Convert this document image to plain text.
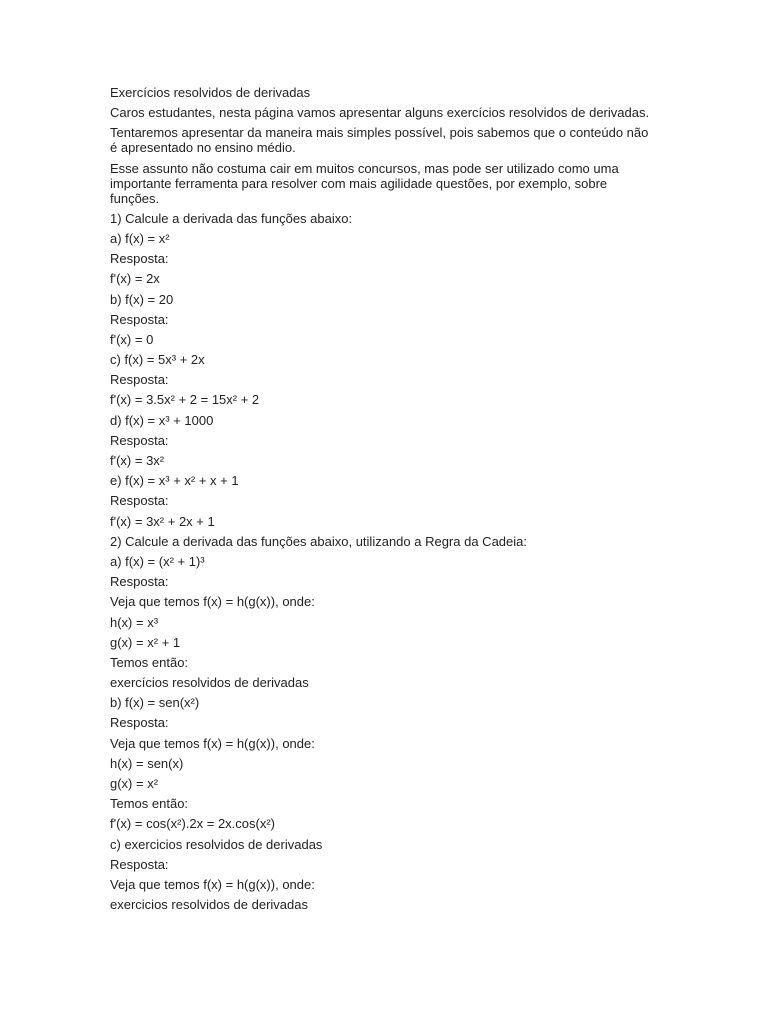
Exercícios resolvidos de derivadas

Caros estudantes, nesta página vamos apresentar alguns exercícios resolvidos de derivadas.

Tentaremos apresentar da maneira mais simples possível, pois sabemos que o conteúdo não é apresentado no ensino médio.

Esse assunto não costuma cair em muitos concursos, mas pode ser utilizado como uma importante ferramenta para resolver com mais agilidade questões, por exemplo, sobre funções.

1) Calcule a derivada das funções abaixo:

a) f(x) = x²

Resposta:

f'(x) = 2x

b) f(x) = 20

Resposta:

f'(x) = 0

c) f(x) = 5x³ + 2x

Resposta:

f'(x) = 3.5x² + 2 = 15x² + 2

d) f(x) = x³ + 1000

Resposta:

f'(x) = 3x²

e) f(x) = x³ + x² + x + 1

Resposta:

f'(x) = 3x² + 2x + 1

2) Calcule a derivada das funções abaixo, utilizando a Regra da Cadeia:

a) f(x) = (x² + 1)³

Resposta:

Veja que temos f(x) = h(g(x)), onde:

h(x) = x³

g(x) = x² + 1

Temos então:

exercícios resolvidos de derivadas

b) f(x) = sen(x²)

Resposta:

Veja que temos f(x) = h(g(x)), onde:

h(x) = sen(x)

g(x) = x²

Temos então:

f'(x) = cos(x²).2x = 2x.cos(x²)

c) exercicios resolvidos de derivadas

Resposta:

Veja que temos f(x) = h(g(x)), onde:

exercicios resolvidos de derivadas
